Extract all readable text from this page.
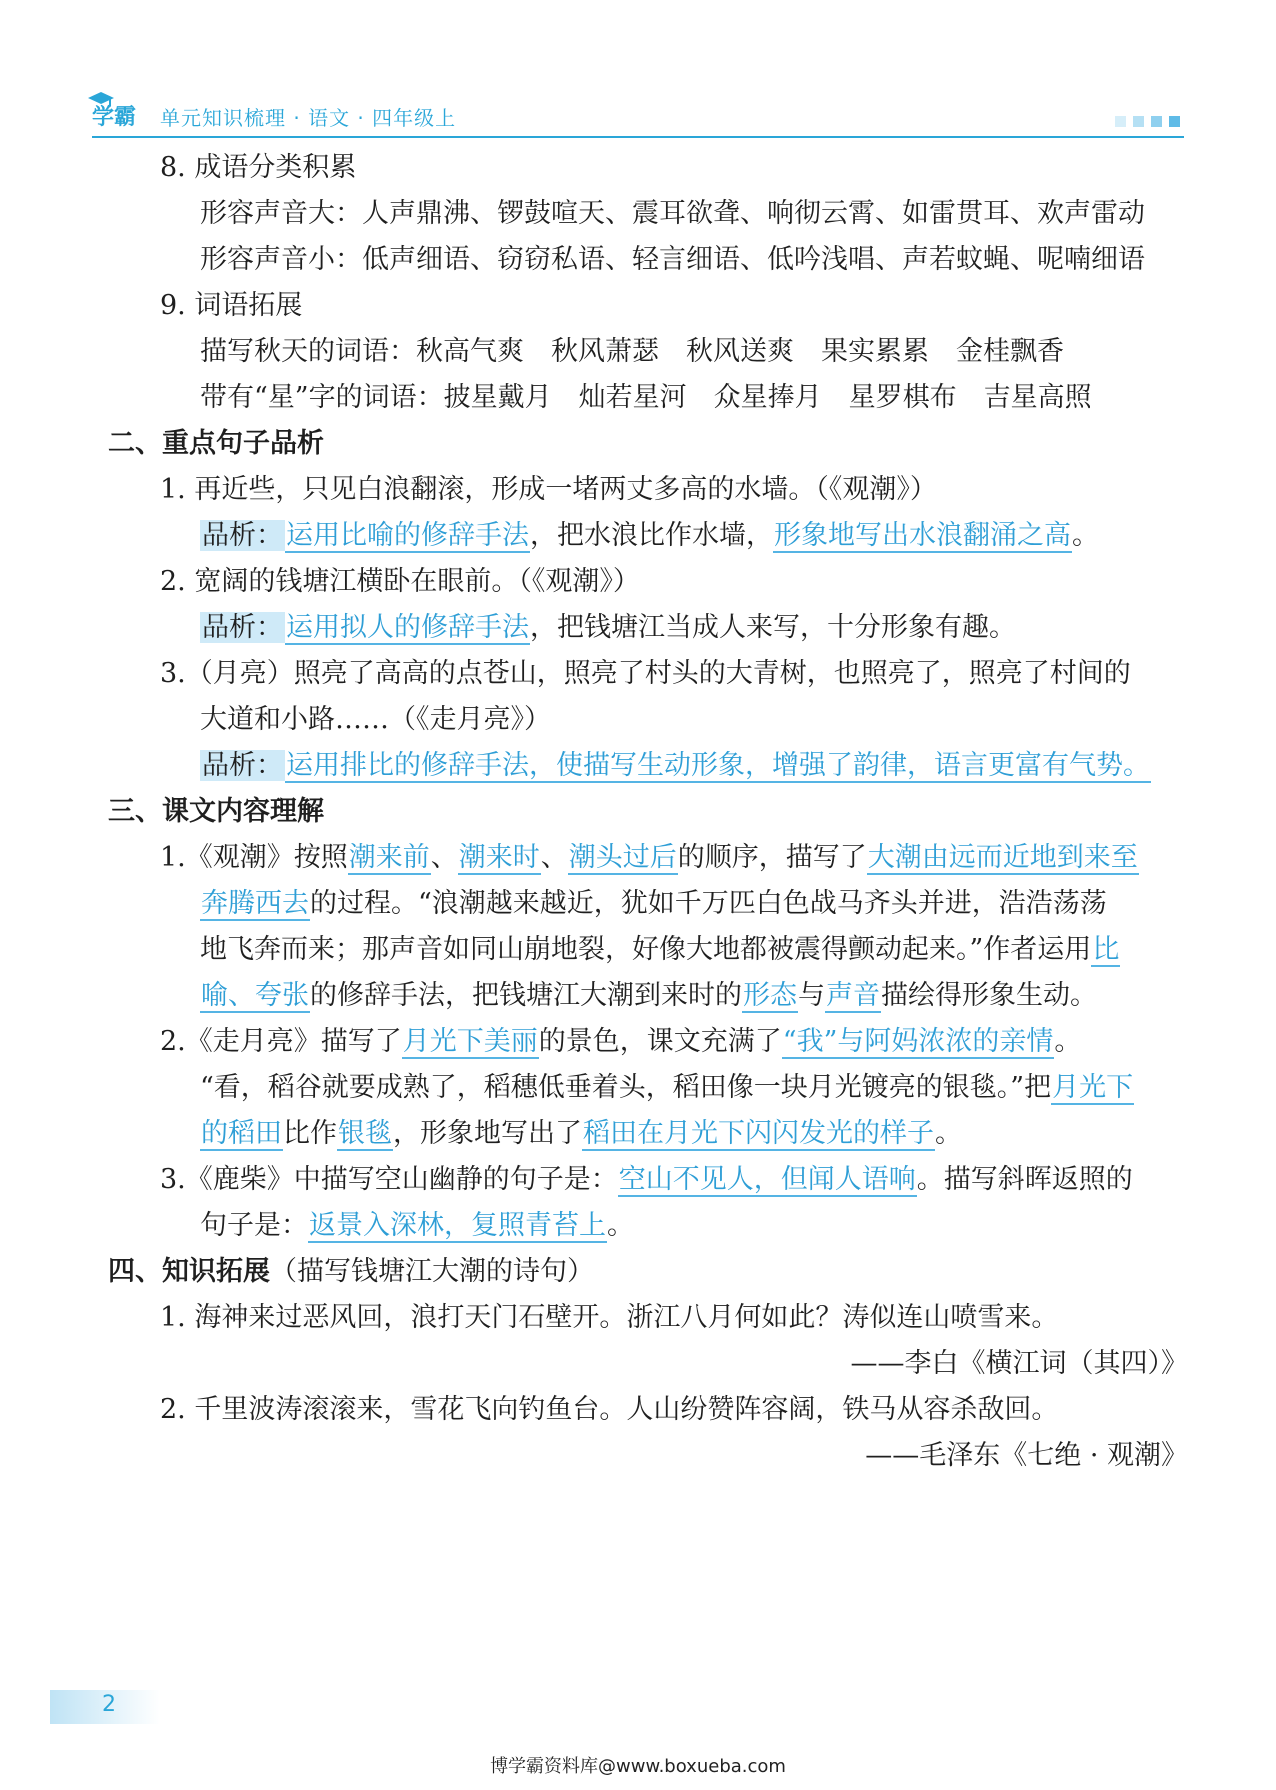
学霸 单元知识梳理 · 语文 · 四年级上
8. 成语分类积累
形容声音大：人声鼎沸、锣鼓喧天、震耳欲聋、响彻云霄、如雷贯耳、欢声雷动
形容声音小：低声细语、窃窃私语、轻言细语、低吟浅唱、声若蚊蝇、呢喃细语
9. 词语拓展
描写秋天的词语：秋高气爽　秋风萧瑟　秋风送爽　果实累累　金桂飘香
带有“星”字的词语：披星戴月　灿若星河　众星捧月　星罗棋布　吉星高照
二、重点句子品析
1. 再近些，只见白浪翻滚，形成一堵两丈多高的水墙。（《观潮》）
品析： 运用比喻的修辞手法，把水浪比作水墙，形象地写出水浪翻涌之高。
2. 宽阔的钱塘江横卧在眼前。（《观潮》）
品析： 运用拟人的修辞手法，把钱塘江当成人来写，十分形象有趣。
3.（月亮）照亮了高高的点苍山，照亮了村头的大青树，也照亮了，照亮了村间的
大道和小路……（《走月亮》）
品析： 运用排比的修辞手法，使描写生动形象，增强了韵律，语言更富有气势。
三、课文内容理解
1.《观潮》按照潮来前、潮来时、潮头过后的顺序，描写了大潮由远而近地到来至
奔腾西去的过程。“浪潮越来越近，犹如千万匹白色战马齐头并进，浩浩荡荡
地飞奔而来；那声音如同山崩地裂，好像大地都被震得颤动起来。”作者运用比
喻、夸张的修辞手法，把钱塘江大潮到来时的形态与声音描绘得形象生动。
2.《走月亮》描写了月光下美丽的景色，课文充满了“我”与阿妈浓浓的亲情。
“看，稻谷就要成熟了，稻穗低垂着头，稻田像一块月光镀亮的银毯。”把月光下
的稻田比作银毯，形象地写出了稻田在月光下闪闪发光的样子。
3.《鹿柴》中描写空山幽静的句子是：空山不见人，但闻人语响。描写斜晖返照的
句子是：返景入深林，复照青苔上。
四、知识拓展（描写钱塘江大潮的诗句）
1. 海神来过恶风回，浪打天门石壁开。浙江八月何如此？涛似连山喷雪来。
——李白《横江词（其四）》
2. 千里波涛滚滚来，雪花飞向钓鱼台。人山纷赞阵容阔，铁马从容杀敌回。
——毛泽东《七绝 · 观潮》
2
博学霸资料库@www.boxueba.com
